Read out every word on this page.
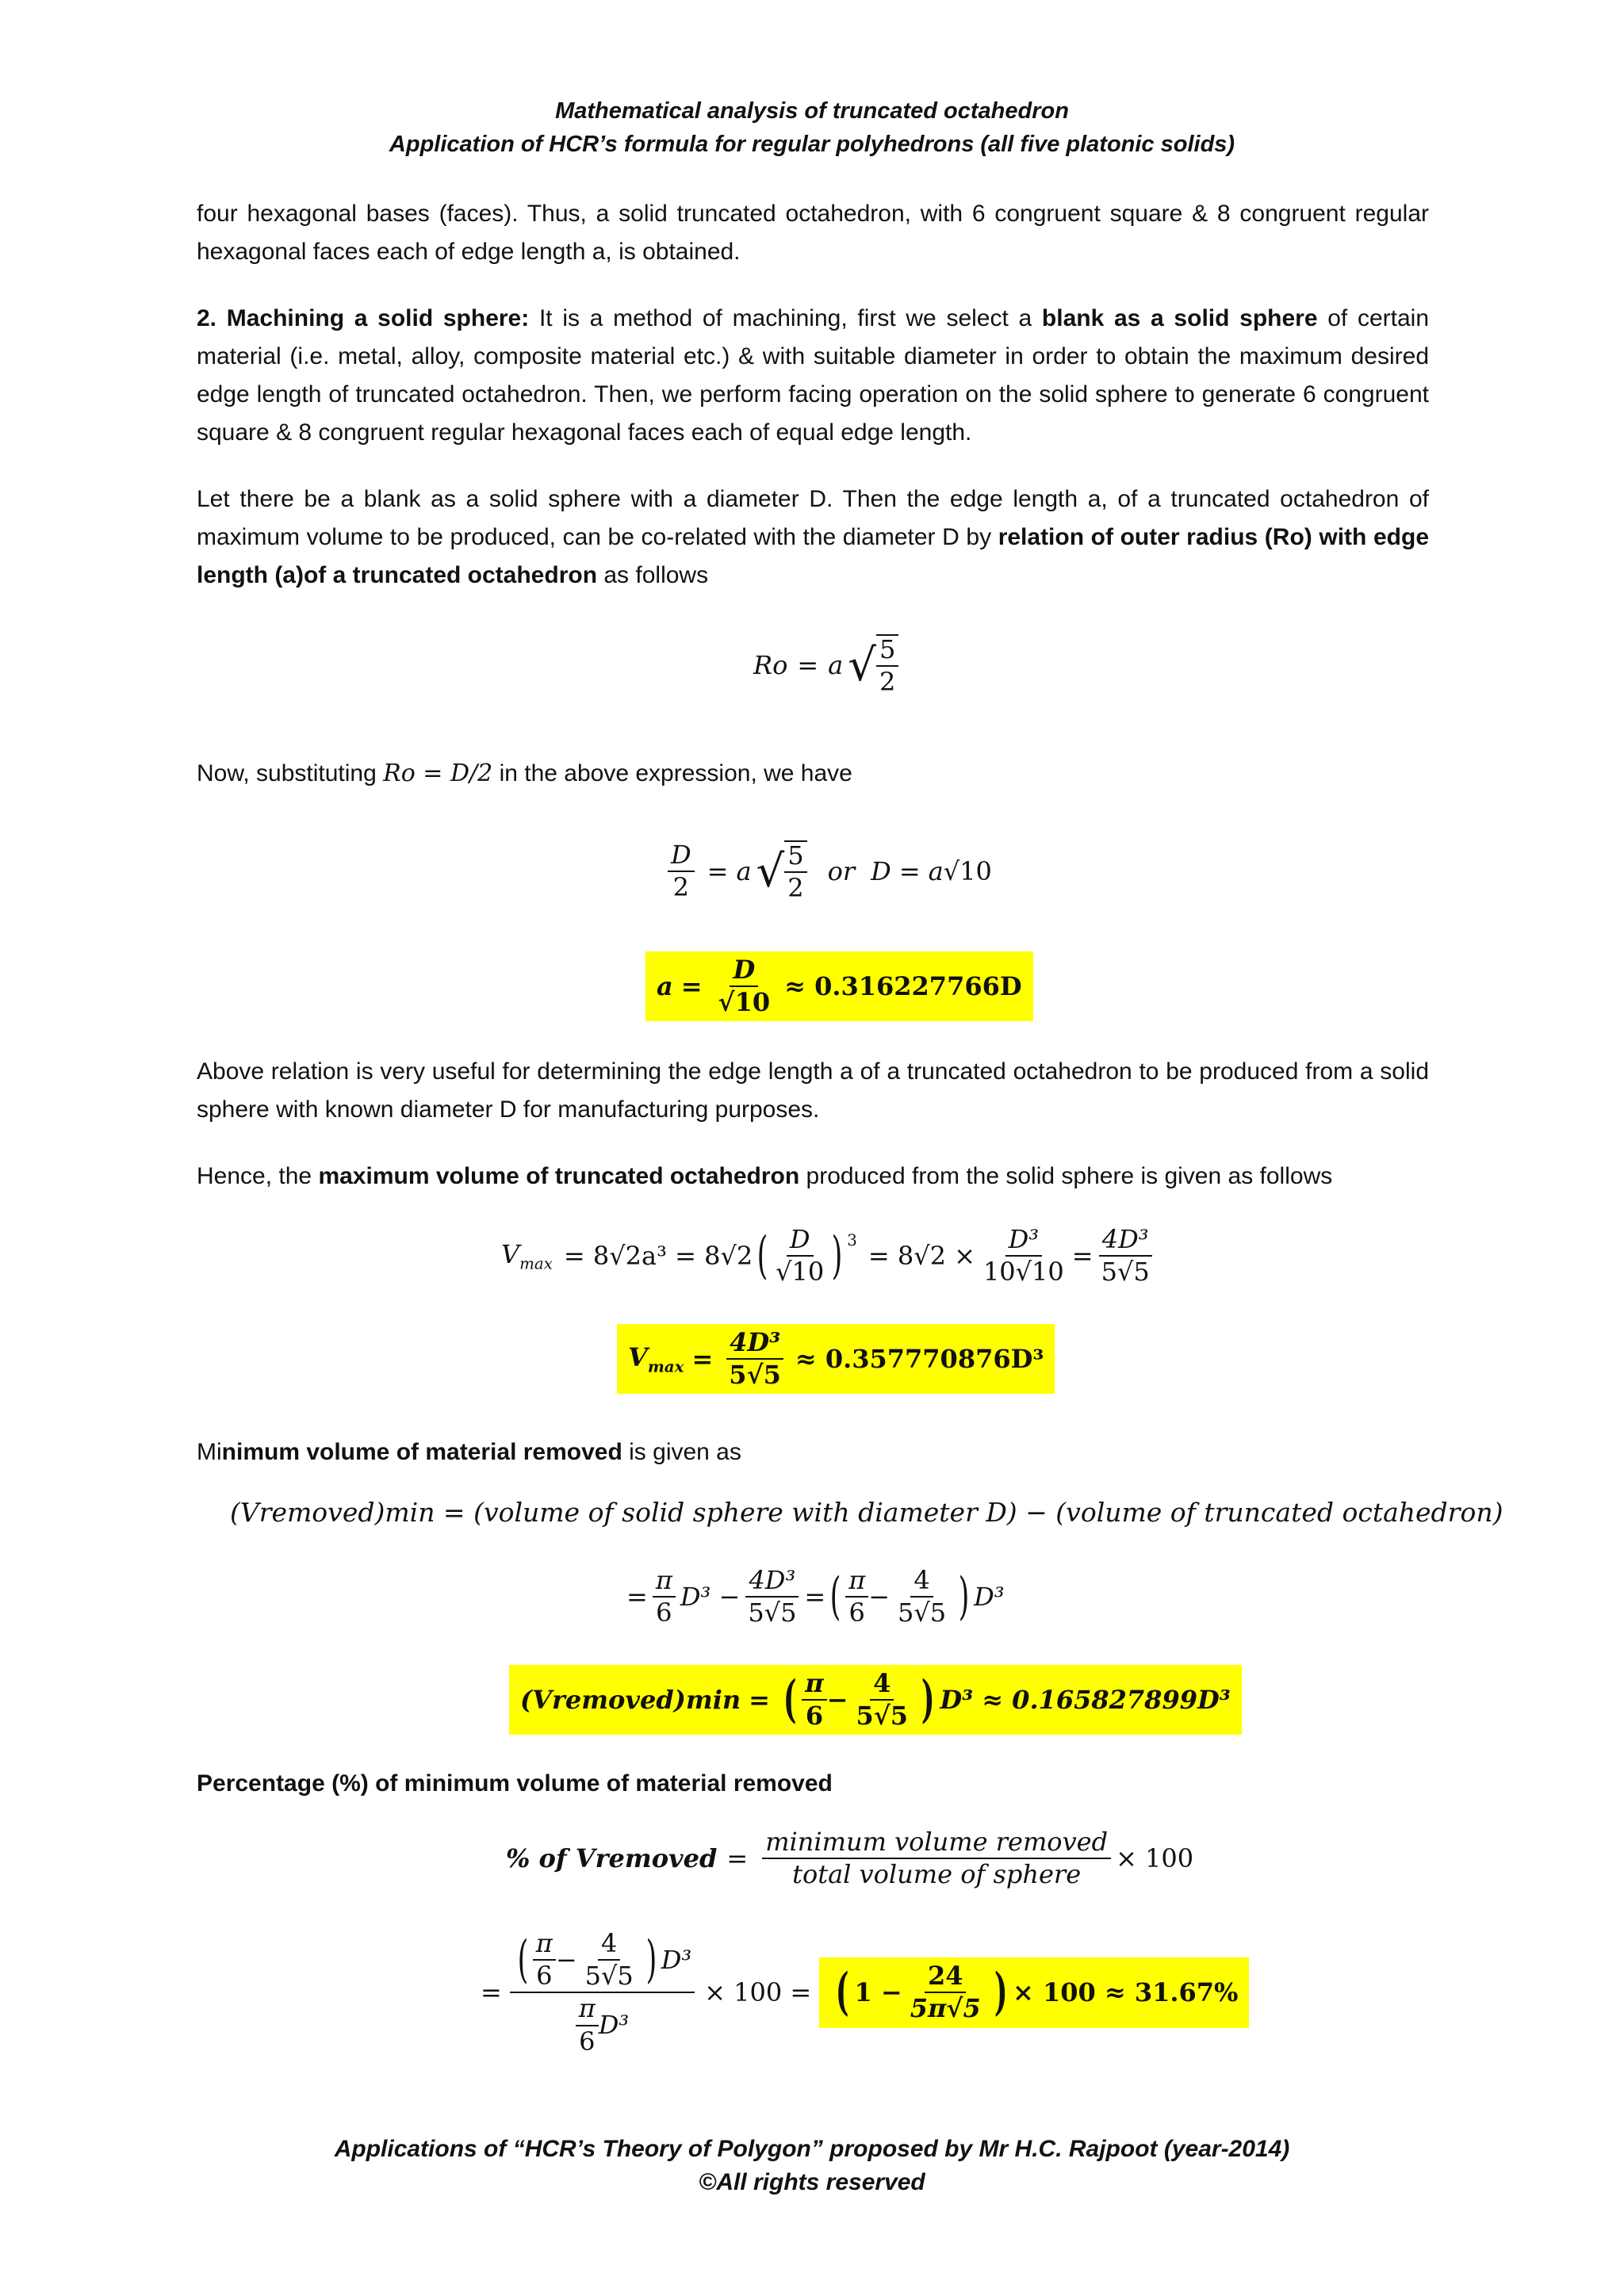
Mathematical analysis of truncated octahedron
Application of HCR’s formula for regular polyhedrons (all five platonic solids)
four hexagonal bases (faces). Thus, a solid truncated octahedron, with 6 congruent square & 8 congruent regular hexagonal faces each of edge length a, is obtained.
2. Machining a solid sphere: It is a method of machining, first we select a blank as a solid sphere of certain material (i.e. metal, alloy, composite material etc.) & with suitable diameter in order to obtain the maximum desired edge length of truncated octahedron. Then, we perform facing operation on the solid sphere to generate 6 congruent square & 8 congruent regular hexagonal faces each of equal edge length.
Let there be a blank as a solid sphere with a diameter D. Then the edge length a, of a truncated octahedron of maximum volume to be produced, can be co-related with the diameter D by relation of outer radius (Ro) with edge length (a)of a truncated octahedron as follows
Ro = a √ $\frac{5}{2}$
Now, substituting Ro = D/2 in the above expression, we have
$\frac{D}{2} = a$ √ $\frac{5}{2}$ or D = a √10
$a = \frac{D}{√10} \approx 0.316227766D$
Above relation is very useful for determining the edge length a of a truncated octahedron to be produced from a solid sphere with known diameter D for manufacturing purposes.
Hence, the maximum volume of truncated octahedron produced from the solid sphere is given as follows
$V_{max} = 8√2a^3 = 8√2$ ( $\frac{D}{√10}$ ) $^3$
= $8√2 \times \frac{\text{D³}}{10√10} = \frac{\text{4D³}}{5√5}$
$V_{max} = \frac{\text{4D³}}{5√5} \approx 0.357770876D^3$
Minimum volume of material removed is given as
(Vremoved)min = (volume of solid sphere with diameter D) − (volume of truncated octahedron)
= $\frac{\pi}{6} D^3 - \frac{\text{4D³}}{5√5}$ = ( $\frac{\pi}{6} - \frac{4}{5√5}$ ) D³
(Vremoved)min = ( $\frac{\pi}{6} - \frac{4}{5√5}$ ) D³ ≈ 0.165827899D³
Percentage (%) of minimum volume of material removed
% of Vremoved = $\frac{\text{minimum volume removed}}{\text{total volume of sphere}} \times 100$
= $\frac{( \frac{\pi}{6} - \frac{4}{5√5} ) D^3}{\frac{\pi}{6} D^3} \times 100$ = ( $1 - \frac{24}{5\pi√5}$ ) × 100 ≈ 31.67%
Applications of “HCR’s Theory of Polygon” proposed by Mr H.C. Rajpoot (year-2014)
©All rights reserved
